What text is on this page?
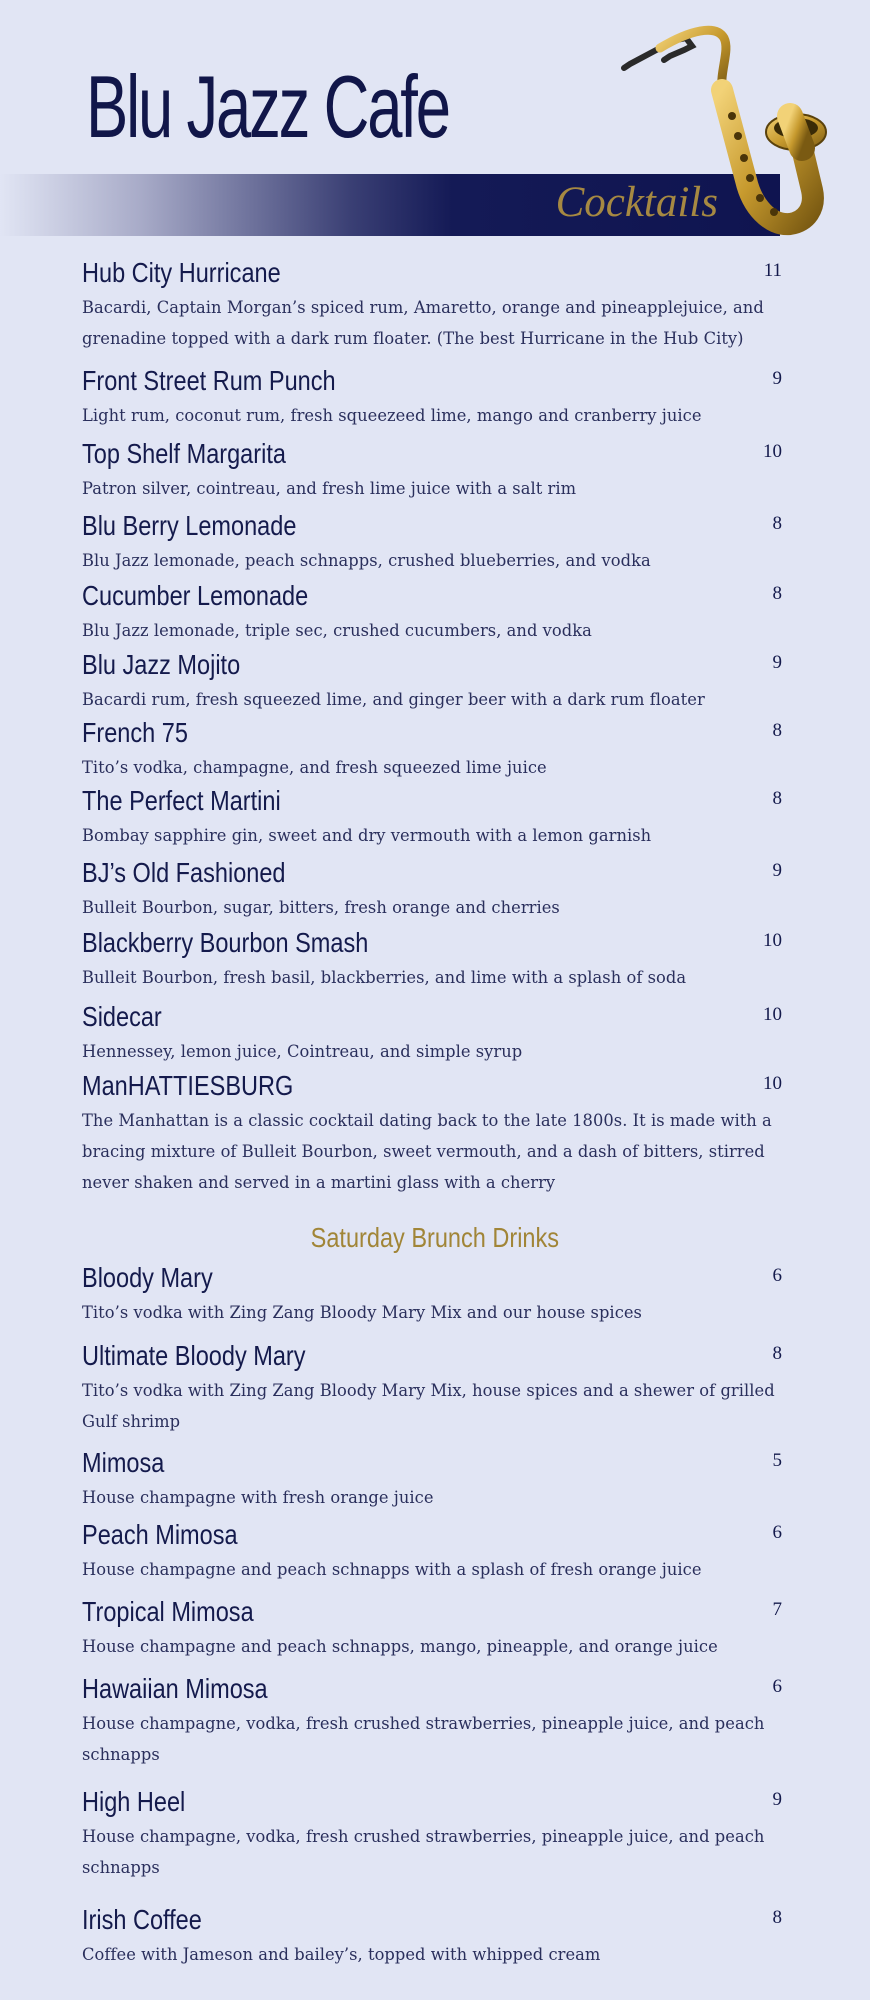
Blu Jazz Cafe
Cocktails
Hub City Hurricane	11
Bacardi, Captain Morgan’s spiced rum, Amaretto, orange and pineapplejuice, and grenadine topped with a dark rum floater. (The best Hurricane in the Hub City)
Front Street Rum Punch	9
Light rum, coconut rum, fresh squeezeed lime, mango and cranberry juice
Top Shelf Margarita	10
Patron silver, cointreau, and fresh lime juice with a salt rim
Blu Berry Lemonade	8
Blu Jazz lemonade, peach schnapps, crushed blueberries, and vodka
Cucumber Lemonade	8
Blu Jazz lemonade, triple sec, crushed cucumbers, and vodka
Blu Jazz Mojito	9
Bacardi rum, fresh squeezed lime, and ginger beer with a dark rum floater
French 75	8
Tito’s vodka, champagne, and fresh squeezed lime juice
The Perfect Martini	8
Bombay sapphire gin, sweet and dry vermouth with a lemon garnish
BJ’s Old Fashioned	9
Bulleit Bourbon, sugar, bitters, fresh orange and cherries
Blackberry Bourbon Smash	10
Bulleit Bourbon, fresh basil, blackberries, and lime with a splash of soda
Sidecar	10
Hennessey, lemon juice, Cointreau, and simple syrup
ManHATTIESBURG	10
The Manhattan is a classic cocktail dating back to the late 1800s. It is made with a bracing mixture of Bulleit Bourbon, sweet vermouth, and a dash of bitters, stirred never shaken and served in a martini glass with a cherry
Saturday Brunch Drinks
Bloody Mary	6
Tito’s vodka with Zing Zang Bloody Mary Mix and our house spices
Ultimate Bloody Mary	8
Tito’s vodka with Zing Zang Bloody Mary Mix, house spices and a shewer of grilled Gulf shrimp
Mimosa	5
House champagne with fresh orange juice
Peach Mimosa	6
House champagne and peach schnapps with a splash of fresh orange juice
Tropical Mimosa	7
House champagne and peach schnapps, mango, pineapple, and orange juice
Hawaiian Mimosa	6
House champagne, vodka, fresh crushed strawberries, pineapple juice, and peach schnapps
High Heel	9
House champagne, vodka, fresh crushed strawberries, pineapple juice, and peach schnapps
Irish Coffee	8
Coffee with Jameson and bailey’s, topped with whipped cream
